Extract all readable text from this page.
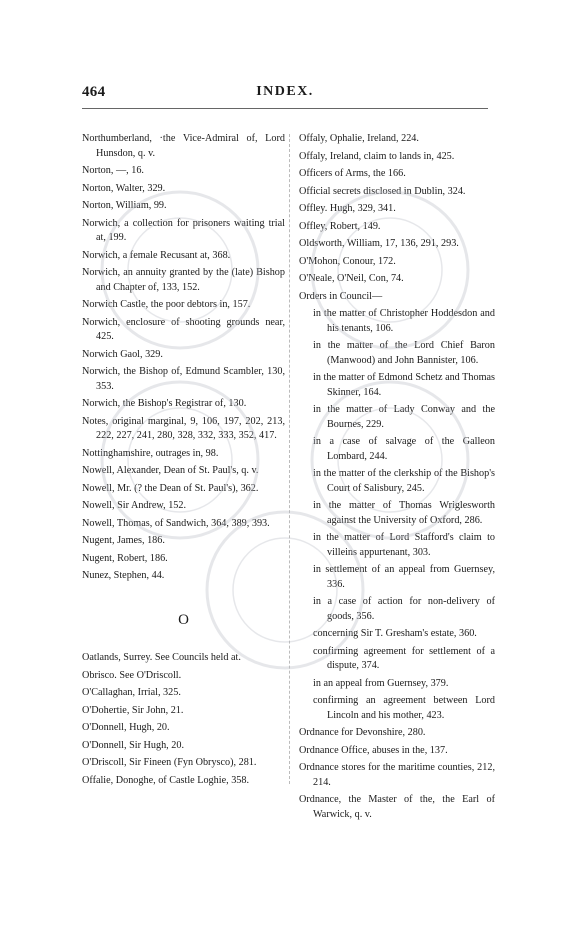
464	INDEX.
Northumberland, ·the Vice-Admiral of, Lord Hunsdon, q. v.
Norton, —, 16.
Norton, Walter, 329.
Norton, William, 99.
Norwich, a collection for prisoners waiting trial at, 199.
Norwich, a female Recusant at, 368.
Norwich, an annuity granted by the (late) Bishop and Chapter of, 133, 152.
Norwich Castle, the poor debtors in, 157.
Norwich, enclosure of shooting grounds near, 425.
Norwich Gaol, 329.
Norwich, the Bishop of, Edmund Scambler, 130, 353.
Norwich, the Bishop's Registrar of, 130.
Notes, original marginal, 9, 106, 197, 202, 213, 222, 227, 241, 280, 328, 332, 333, 352, 417.
Nottinghamshire, outrages in, 98.
Nowell, Alexander, Dean of St. Paul's, q. v.
Nowell, Mr. (? the Dean of St. Paul's), 362.
Nowell, Sir Andrew, 152.
Nowell, Thomas, of Sandwich, 364, 389, 393.
Nugent, James, 186.
Nugent, Robert, 186.
Nunez, Stephen, 44.
O
Oatlands, Surrey. See Councils held at.
Obrisco. See O'Driscoll.
O'Callaghan, Irrial, 325.
O'Dohertie, Sir John, 21.
O'Donnell, Hugh, 20.
O'Donnell, Sir Hugh, 20.
O'Driscoll, Sir Fineen (Fyn Obrysco), 281.
Offalie, Donoghe, of Castle Loghie, 358.
Offaly, Ophalie, Ireland, 224.
Offaly, Ireland, claim to lands in, 425.
Officers of Arms, the 166.
Official secrets disclosed in Dublin, 324.
Offley. Hugh, 329, 341.
Offley, Robert, 149.
Oldsworth, William, 17, 136, 291, 293.
O'Mohon, Conour, 172.
O'Neale, O'Neil, Con, 74.
Orders in Council—
in the matter of Christopher Hoddesdon and his tenants, 106.
in the matter of the Lord Chief Baron (Manwood) and John Bannister, 106.
in the matter of Edmond Schetz and Thomas Skinner, 164.
in the matter of Lady Conway and the Bournes, 229.
in a case of salvage of the Galleon Lombard, 244.
in the matter of the clerkship of the Bishop's Court of Salisbury, 245.
in the matter of Thomas Wriglesworth against the University of Oxford, 286.
in the matter of Lord Stafford's claim to villeins appurtenant, 303.
in settlement of an appeal from Guernsey, 336.
in a case of action for non-delivery of goods, 356.
concerning Sir T. Gresham's estate, 360.
confirming agreement for settlement of a dispute, 374.
in an appeal from Guernsey, 379.
confirming an agreement between Lord Lincoln and his mother, 423.
Ordnance for Devonshire, 280.
Ordnance Office, abuses in the, 137.
Ordnance stores for the maritime counties, 212, 214.
Ordnance, the Master of the, the Earl of Warwick, q. v.
